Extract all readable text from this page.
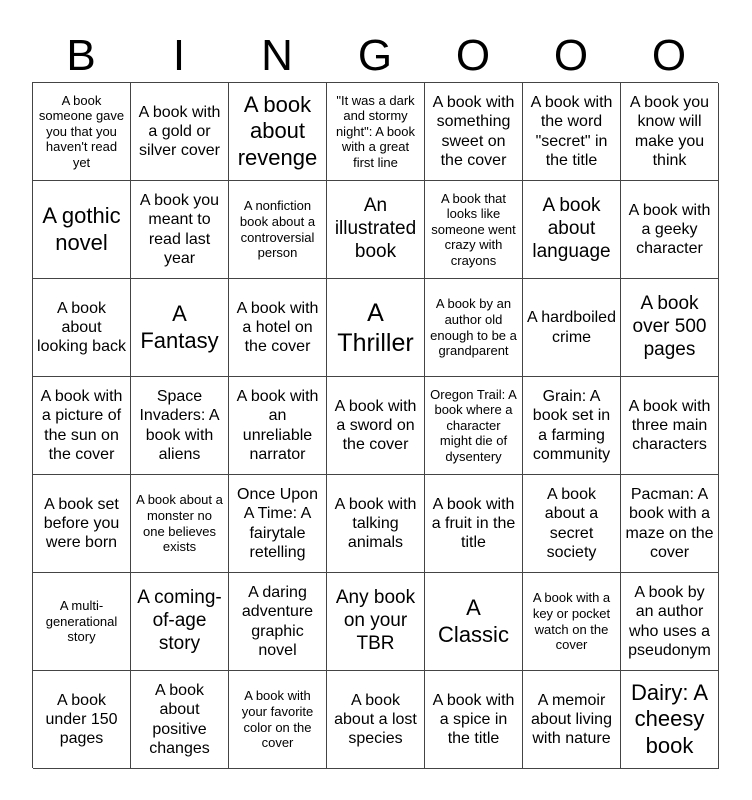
B	I	N	G	O	O	O
A book someone gave you that you haven't read yet
A book with a gold or silver cover
A book about revenge
"It was a dark and stormy night": A book with a great first line
A book with something sweet on the cover
A book with the word "secret" in the title
A book you know will make you think
A gothic novel
A book you meant to read last year
A nonfiction book about a controversial person
An illustrated book
A book that looks like someone went crazy with crayons
A book about language
A book with a geeky character
A book about looking back
A Fantasy
A book with a hotel on the cover
A Thriller
A book by an author old enough to be a grandparent
A hardboiled crime
A book over 500 pages
A book with a picture of the sun on the cover
Space Invaders: A book with aliens
A book with an unreliable narrator
A book with a sword on the cover
Oregon Trail: A book where a character might die of dysentery
Grain: A book set in a farming community
A book with three main characters
A book set before you were born
A book about a monster no one believes exists
Once Upon A Time: A fairytale retelling
A book with talking animals
A book with a fruit in the title
A book about a secret society
Pacman: A book with a maze on the cover
A multi-generational story
A coming-of-age story
A daring adventure graphic novel
Any book on your TBR
A Classic
A book with a key or pocket watch on the cover
A book by an author who uses a pseudonym
A book under 150 pages
A book about positive changes
A book with your favorite color on the cover
A book about a lost species
A book with a spice in the title
A memoir about living with nature
Dairy: A cheesy book
